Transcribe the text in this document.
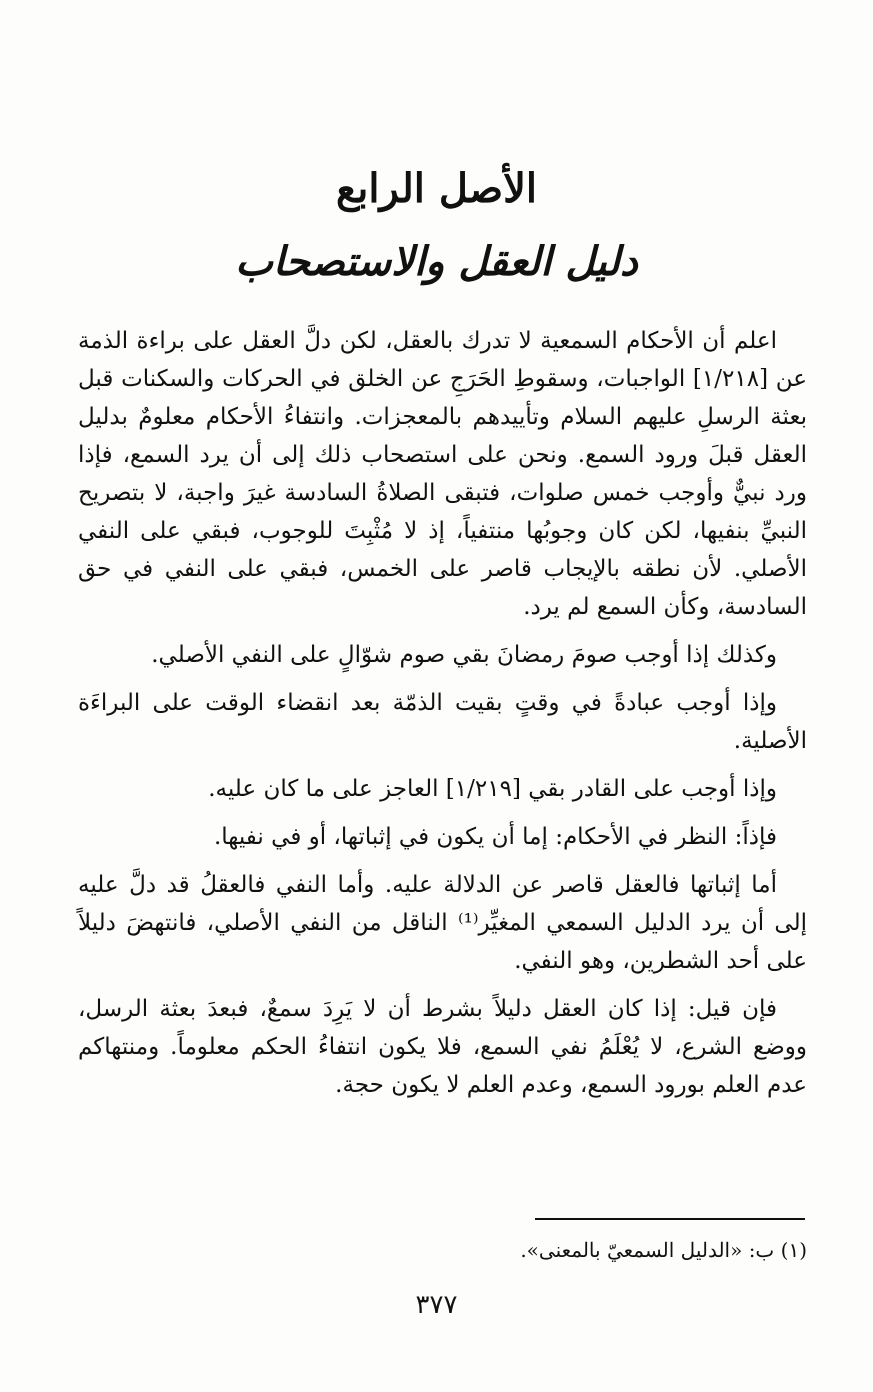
الأصل الرابع
دليل العقل والاستصحاب

اعلم أن الأحكام السمعية لا تدرك بالعقل، لكن دلَّ العقل على براءة الذمة عن [١/٢١٨] الواجبات، وسقوطِ الحَرَجِ عن الخلق في الحركات والسكنات قبل بعثة الرسلِ عليهم السلام وتأييدهم بالمعجزات. وانتفاءُ الأحكام معلومٌ بدليل العقل قبلَ ورود السمع. ونحن على استصحاب ذلك إلى أن يرد السمع، فإذا ورد نبيٌّ وأوجب خمس صلوات، فتبقى الصلاةُ السادسة غيرَ واجبة، لا بتصريح النبيِّ بنفيها، لكن كان وجوبُها منتفياً، إذ لا مُثْبِتَ للوجوب، فبقي على النفي الأصلي. لأن نطقه بالإيجاب قاصر على الخمس، فبقي على النفي في حق السادسة، وكأن السمع لم يرد.

وكذلك إذا أوجب صومَ رمضانَ بقي صوم شوّالٍ على النفي الأصلي.

وإذا أوجب عبادةً في وقتٍ بقيت الذمّة بعد انقضاء الوقت على البراءَة الأصلية.

وإذا أوجب على القادر بقي [١/٢١٩] العاجز على ما كان عليه.

فإذاً: النظر في الأحكام: إما أن يكون في إثباتها، أو في نفيها.

أما إثباتها فالعقل قاصر عن الدلالة عليه. وأما النفي فالعقلُ قد دلَّ عليه إلى أن يرد الدليل السمعي المغيِّر⁽¹⁾ الناقل من النفي الأصلي، فانتهضَ دليلاً على أحد الشطرين، وهو النفي.

فإن قيل: إذا كان العقل دليلاً بشرط أن لا يَرِدَ سمعٌ، فبعدَ بعثة الرسل، ووضع الشرع، لا يُعْلَمُ نفي السمع، فلا يكون انتفاءُ الحكم معلوماً. ومنتهاكم عدم العلم بورود السمع، وعدم العلم لا يكون حجة.

(١) ب: «الدليل السمعيّ بالمعنى».
٣٧٧
